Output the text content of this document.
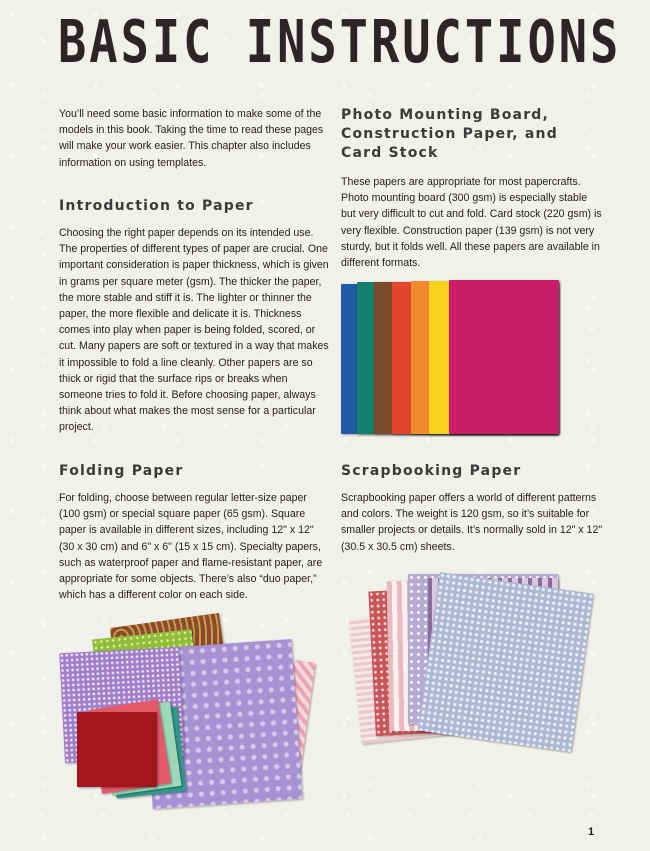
BASIC INSTRUCTIONS

You’ll need some basic information to make some of the models in this book. Taking the time to read these pages will make your work easier. This chapter also includes information on using templates.

Introduction to Paper

Choosing the right paper depends on its intended use. The properties of different types of paper are crucial. One important consideration is paper thickness, which is given in grams per square meter (gsm). The thicker the paper, the more stable and stiff it is. The lighter or thinner the paper, the more flexible and delicate it is. Thickness comes into play when paper is being folded, scored, or cut. Many papers are soft or textured in a way that makes it impossible to fold a line cleanly. Other papers are so thick or rigid that the surface rips or breaks when someone tries to fold it. Before choosing paper, always think about what makes the most sense for a particular project.

Folding Paper

For folding, choose between regular letter-size paper (100 gsm) or special square paper (65 gsm). Square paper is available in different sizes, including 12" x 12" (30 x 30 cm) and 6" x 6" (15 x 15 cm). Specialty papers, such as waterproof paper and flame-resistant paper, are appropriate for some objects. There’s also “duo paper,” which has a different color on each side.

Photo Mounting Board,
Construction Paper, and
Card Stock

These papers are appropriate for most papercrafts. Photo mounting board (300 gsm) is especially stable but very difficult to cut and fold. Card stock (220 gsm) is very flexible. Construction paper (139 gsm) is not very sturdy, but it folds well. All these papers are available in different formats.

Scrapbooking Paper

Scrapbooking paper offers a world of different patterns and colors. The weight is 120 gsm, so it’s suitable for smaller projects or details. It’s normally sold in 12" x 12" (30.5 x 30.5 cm) sheets.

1
